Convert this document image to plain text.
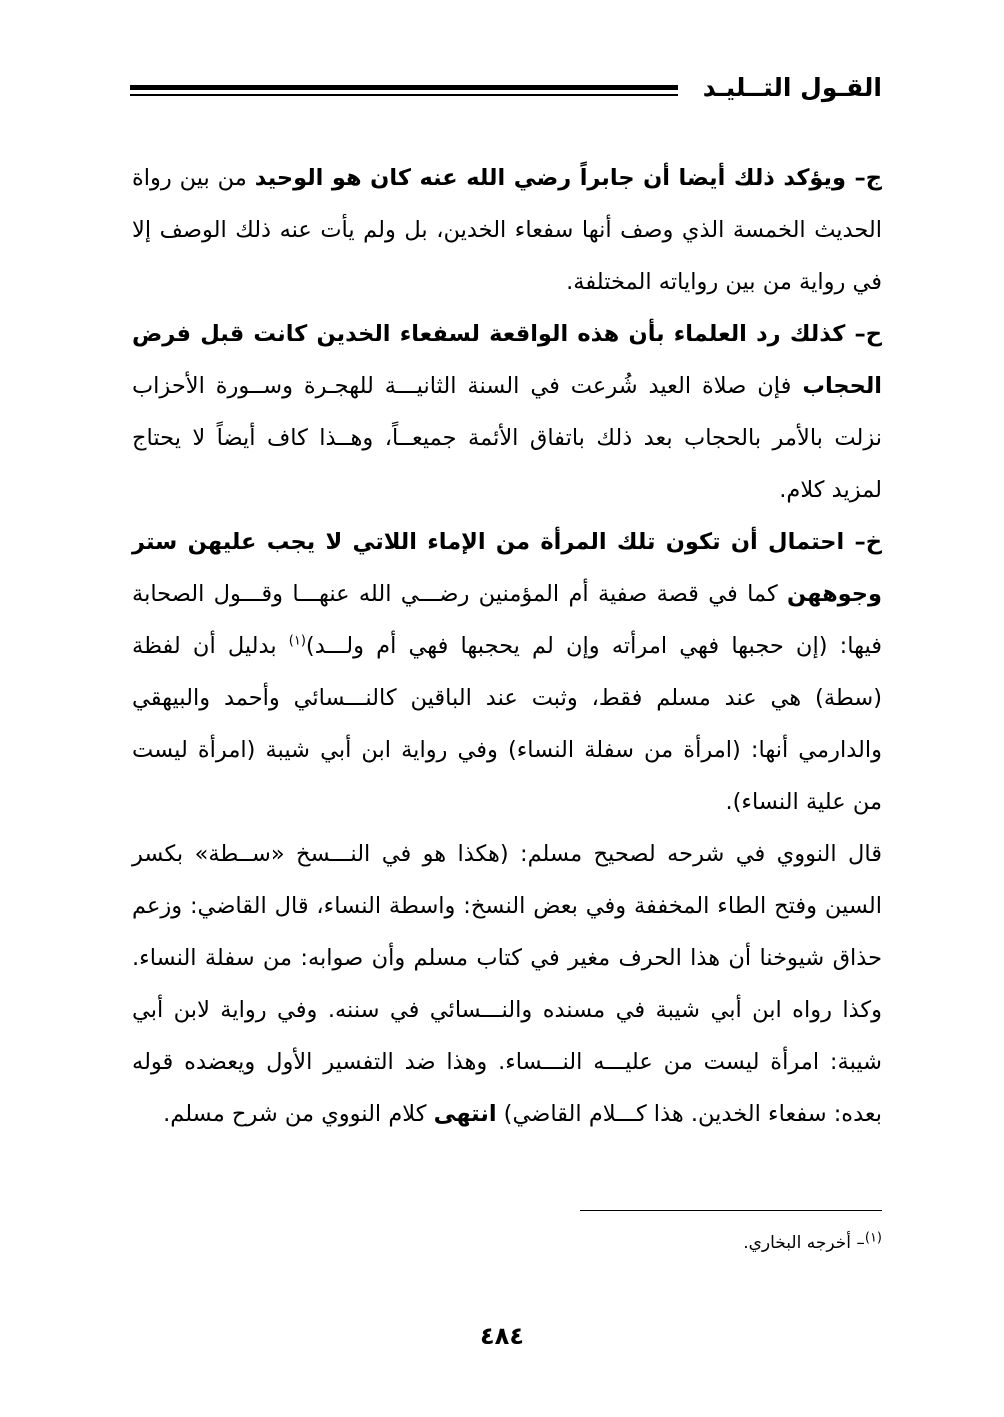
القـول التــليـد

ج– ويؤكد ذلك أيضا أن جابراً رضي الله عنه كان هو الوحيد من بين رواة الحديث الخمسة الذي وصف أنها سفعاء الخدين، بل ولم يأت عنه ذلك الوصف إلا في رواية من بين رواياته المختلفة.

ح– كذلك رد العلماء بأن هذه الواقعة لسفعاء الخدين كانت قبل فرض الحجاب فإن صلاة العيد شُرعت في السنة الثانيـــة للهجـرة وســورة الأحزاب نزلت بالأمر بالحجاب بعد ذلك باتفاق الأئمة جميعــاً، وهــذا كاف أيضاً لا يحتاج لمزيد كلام.

خ– احتمال أن تكون تلك المرأة من الإماء اللاتي لا يجب عليهن ستر وجوههن كما في قصة صفية أم المؤمنين رضـــي الله عنهـــا وقـــول الصحابة فيها: (إن حجبها فهي امرأته وإن لم يحجبها فهي أم ولـــد)$^{(١)}$ بدليل أن لفظة (سطة) هي عند مسلم فقط، وثبت عند الباقين كالنـــسائي وأحمد والبيهقي والدارمي أنها: (امرأة من سفلة النساء) وفي رواية ابن أبي شيبة (امرأة ليست من علية النساء).

قال النووي في شرحه لصحيح مسلم: (هكذا هو في النـــسخ «ســطة» بكسر السين وفتح الطاء المخففة وفي بعض النسخ: واسطة النساء، قال القاضي: وزعم حذاق شيوخنا أن هذا الحرف مغير في كتاب مسلم وأن صوابه: من سفلة النساء. وكذا رواه ابن أبي شيبة في مسنده والنـــسائي في سننه. وفي رواية لابن أبي شيبة: امرأة ليست من عليـــه النـــساء. وهذا ضد التفسير الأول ويعضده قوله بعده: سفعاء الخدين. هذا كـــلام القاضي) انتهى كلام النووي من شرح مسلم.

$^{(١)}$– أخرجه البخاري.
٤٨٤
